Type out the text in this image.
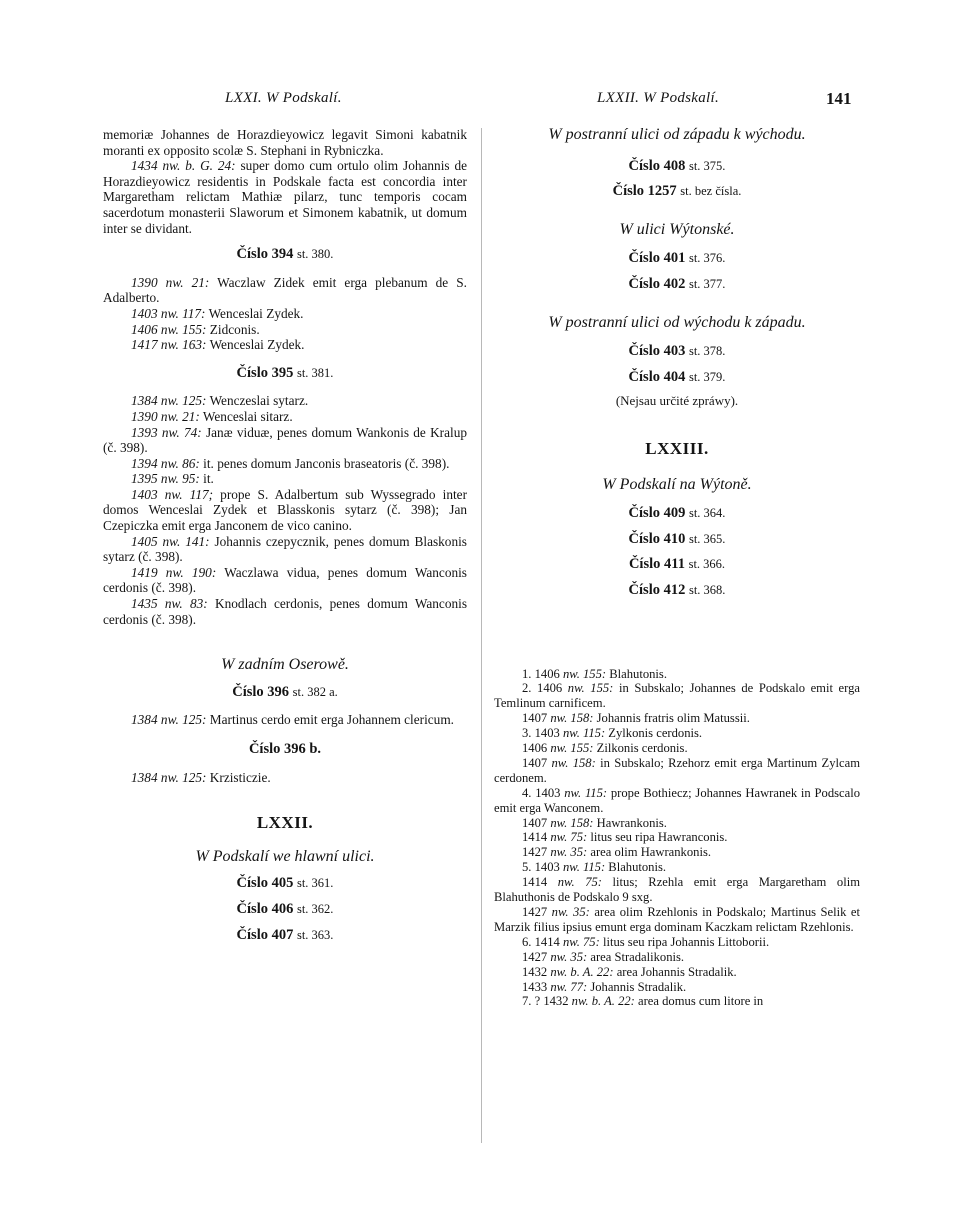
LXXI. W Podskalí.	LXXII. W Podskalí.	141

memoriæ Johannes de Horazdieyowicz legavit Simoni kabatnik moranti ex opposito scolæ S. Stephani in Rybniczka.

1434 nw. b. G. 24: super domo cum ortulo olim Johannis de Horazdieyowicz residentis in Podskale facta est concordia inter Margaretham relictam Mathiæ pilarz, tunc temporis cocam sacerdotum monasterii Slaworum et Simonem kabatnik, ut domum inter se dividant.

Číslo 394 st. 380.

1390 nw. 21: Waczlaw Zidek emit erga plebanum de S. Adalberto.

1403 nw. 117: Wenceslai Zydek.

1406 nw. 155: Zidconis.

1417 nw. 163: Wenceslai Zydek.

Číslo 395 st. 381.

1384 nw. 125: Wenczeslai sytarz.

1390 nw. 21: Wenceslai sitarz.

1393 nw. 74: Janæ viduæ, penes domum Wankonis de Kralup (č. 398).

1394 nw. 86: it. penes domum Janconis braseatoris (č. 398).

1395 nw. 95: it.

1403 nw. 117; prope S. Adalbertum sub Wyssegrado inter domos Wenceslai Zydek et Blasskonis sytarz (č. 398); Jan Czepiczka emit erga Janconem de vico canino.

1405 nw. 141: Johannis czepycznik, penes domum Blaskonis sytarz (č. 398).

1419 nw. 190: Waczlawa vidua, penes domum Wanconis cerdonis (č. 398).

1435 nw. 83: Knodlach cerdonis, penes domum Wanconis cerdonis (č. 398).

W zadním Oserowě.

Číslo 396 st. 382 a.

1384 nw. 125: Martinus cerdo emit erga Johannem clericum.

Číslo 396 b.

1384 nw. 125: Krzisticzie.

LXXII.

W Podskalí we hlawní ulici.

Číslo 405 st. 361.

Číslo 406 st. 362.

Číslo 407 st. 363.

W postranní ulici od západu k wýchodu.

Číslo 408 st. 375.

Číslo 1257 st. bez čísla.

W ulici Wýtonské.

Číslo 401 st. 376.

Číslo 402 st. 377.

W postranní ulici od wýchodu k západu.

Číslo 403 st. 378.

Číslo 404 st. 379.

(Nejsau určité zpráwy).

LXXIII.

W Podskalí na Wýtoně.

Číslo 409 st. 364.

Číslo 410 st. 365.

Číslo 411 st. 366.

Číslo 412 st. 368.

1. 1406 nw. 155: Blahutonis.

2. 1406 nw. 155: in Subskalo; Johannes de Podskalo emit erga Temlinum carnificem.

1407 nw. 158: Johannis fratris olim Matussii.

3. 1403 nw. 115: Zylkonis cerdonis.

1406 nw. 155: Zilkonis cerdonis.

1407 nw. 158: in Subskalo; Rzehorz emit erga Martinum Zylcam cerdonem.

4. 1403 nw. 115: prope Bothiecz; Johannes Hawranek in Podscalo emit erga Wanconem.

1407 nw. 158: Hawrankonis.

1414 nw. 75: litus seu ripa Hawranconis.

1427 nw. 35: area olim Hawrankonis.

5. 1403 nw. 115: Blahutonis.

1414 nw. 75: litus; Rzehla emit erga Margaretham olim Blahuthonis de Podskalo 9 sxg.

1427 nw. 35: area olim Rzehlonis in Podskalo; Martinus Selik et Marzik filius ipsius emunt erga dominam Kaczkam relictam Rzehlonis.

6. 1414 nw. 75: litus seu ripa Johannis Littoborii.

1427 nw. 35: area Stradalikonis.

1432 nw. b. A. 22: area Johannis Stradalik.

1433 nw. 77: Johannis Stradalik.

7. ? 1432 nw. b. A. 22: area domus cum litore in
